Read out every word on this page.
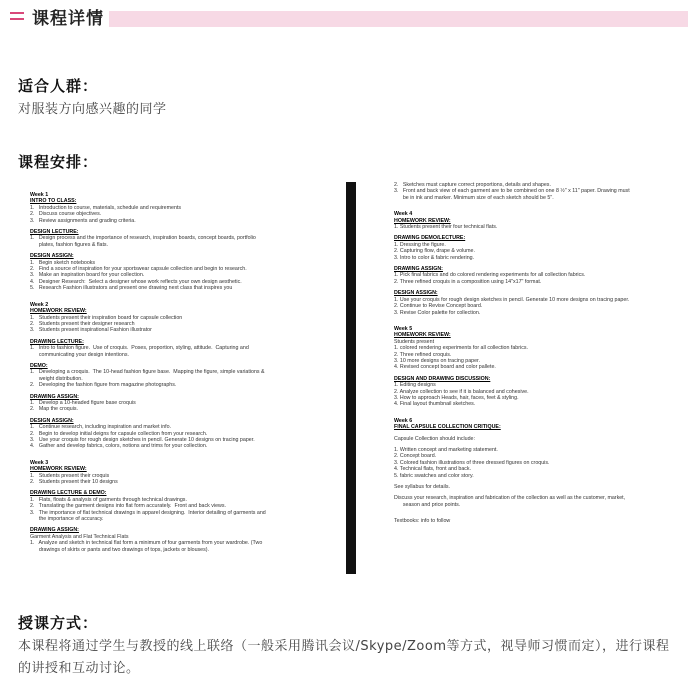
课程详情
适合人群：
对服装方向感兴趣的同学
课程安排：
Week 1
INTRO TO CLASS:
1.   Introduction to course, materials, schedule and requirements
2.   Discuss course objectives.
3.   Review assignments and grading criteria.
DESIGN LECTURE:
1.   Design process and the importance of research, inspiration boards, concept boards, portfolio
plates, fashion figures & flats.
DESIGN ASSIGN:
1.   Begin sketch notebooks
2.   Find a source of inspiration for your sportswear capsule collection and begin to research.
3.   Make an inspiration board for your collection.
4.   Designer Research:  Select a designer whose work reflects your own design aesthetic.
5.   Research Fashion illustrators and present one drawing next class that inspires you
Week 2
HOMEWORK REVIEW:
1.   Students present their inspiration board for capsule collection
2.   Students present their designer research
3.   Students present inspirational Fashion illustrator
DRAWING LECTURE:
1.   Intro to fashion figure.  Use of croquis.  Poses, proportion, styling, attitude.  Capturing and
communicating your design intentions.
DEMO:
1.   Developing a croquis.  The 10-head fashion figure base.  Mapping the figure, simple variations &
weight distribution.
2.   Developing the fashion figure from magazine photographs.
DRAWING ASSIGN:
1.   Develop a 10-headed figure base croquis
2.   Map the croquis.
DESIGN ASSIGN:
1.   Continue research, including inspiration and market info.
2.   Begin to develop initial deigns for capsule collection from your research.
3.   Use your croquis for rough design sketches in pencil. Generate 10 designs on tracing paper.
4.   Gather and develop fabrics, colors, notions and trims for your collection.
Week 3
HOMEWORK REVIEW:
1.   Students present their croquis
2.   Students present their 10 designs
DRAWING LECTURE & DEMO:
1.   Flats, floats & analysis of garments through technical drawings.
2.   Translating the garment designs into flat form accurately.  Front and back views.
3.   The importance of flat technical drawings in apparel designing.  Interior detailing of garments and
the importance of accuracy.
DRAWING ASSIGN:
Garment Analysis and Flat Technical Flats
1.   Analyze and sketch in technical flat form a minimum of four garments from your wardrobe. (Two
drawings of skirts or pants and two drawings of tops, jackets or blouses).
2.   Sketches must capture correct proportions, details and shapes.
3.   Front and back view of each garment are to be combined on one 8 ½" x 11" paper. Drawing must
be in ink and marker. Minimum size of each sketch should be 5".
Week 4
HOMEWORK REVIEW:
1. Students present their four technical flats.
DRAWING DEMO/LECTURE:
1. Dressing the figure.
2. Capturing flow, drape & volume.
3. Intro to color & fabric rendering.
DRAWING ASSIGN:
1. Pick final fabrics and do colored rendering experiments for all collection fabrics.
2. Three refined croquis in a composition using 14"x17" format.
DESIGN ASSIGN:
1. Use your croquis for rough design sketches in pencil. Generate 10 more designs on tracing paper.
2. Continue to Revise Concept board.
3. Revise Color palette for collection.
Week 5
HOMEWORK REVIEW:
Students present
1. colored rendering experiments for all collection fabrics.
2. Three refined croquis.
3. 10 more designs on tracing paper.
4. Revised concept board and color pallete.
DESIGN AND DRAWING DISCUSSION:
1. Editing designs
2. Analyze collection to see if it is balanced and cohesive.
3. How to approach Heads, hair, faces, feet & styling.
4. Final layout thumbnail sketches.
Week 6
FINAL CAPSULE COLLECTION CRITIQUE:
Capsule Collection should include:
1. Written concept and marketing statement.
2. Concept board.
3. Colored fashion illustrations of three dressed figures on croquis.
4. Technical flats, front and back.
5. fabric swatches and color story.
See syllabus for details.
Discuss your research, inspiration and fabrication of the collection as well as the customer, market,
season and price points.
Textbooks: info to follow
授课方式：
本课程将通过学生与教授的线上联络（一般采用腾讯会议/Skype/Zoom等方式，视导师习惯而定），进行课程
的讲授和互动讨论。
